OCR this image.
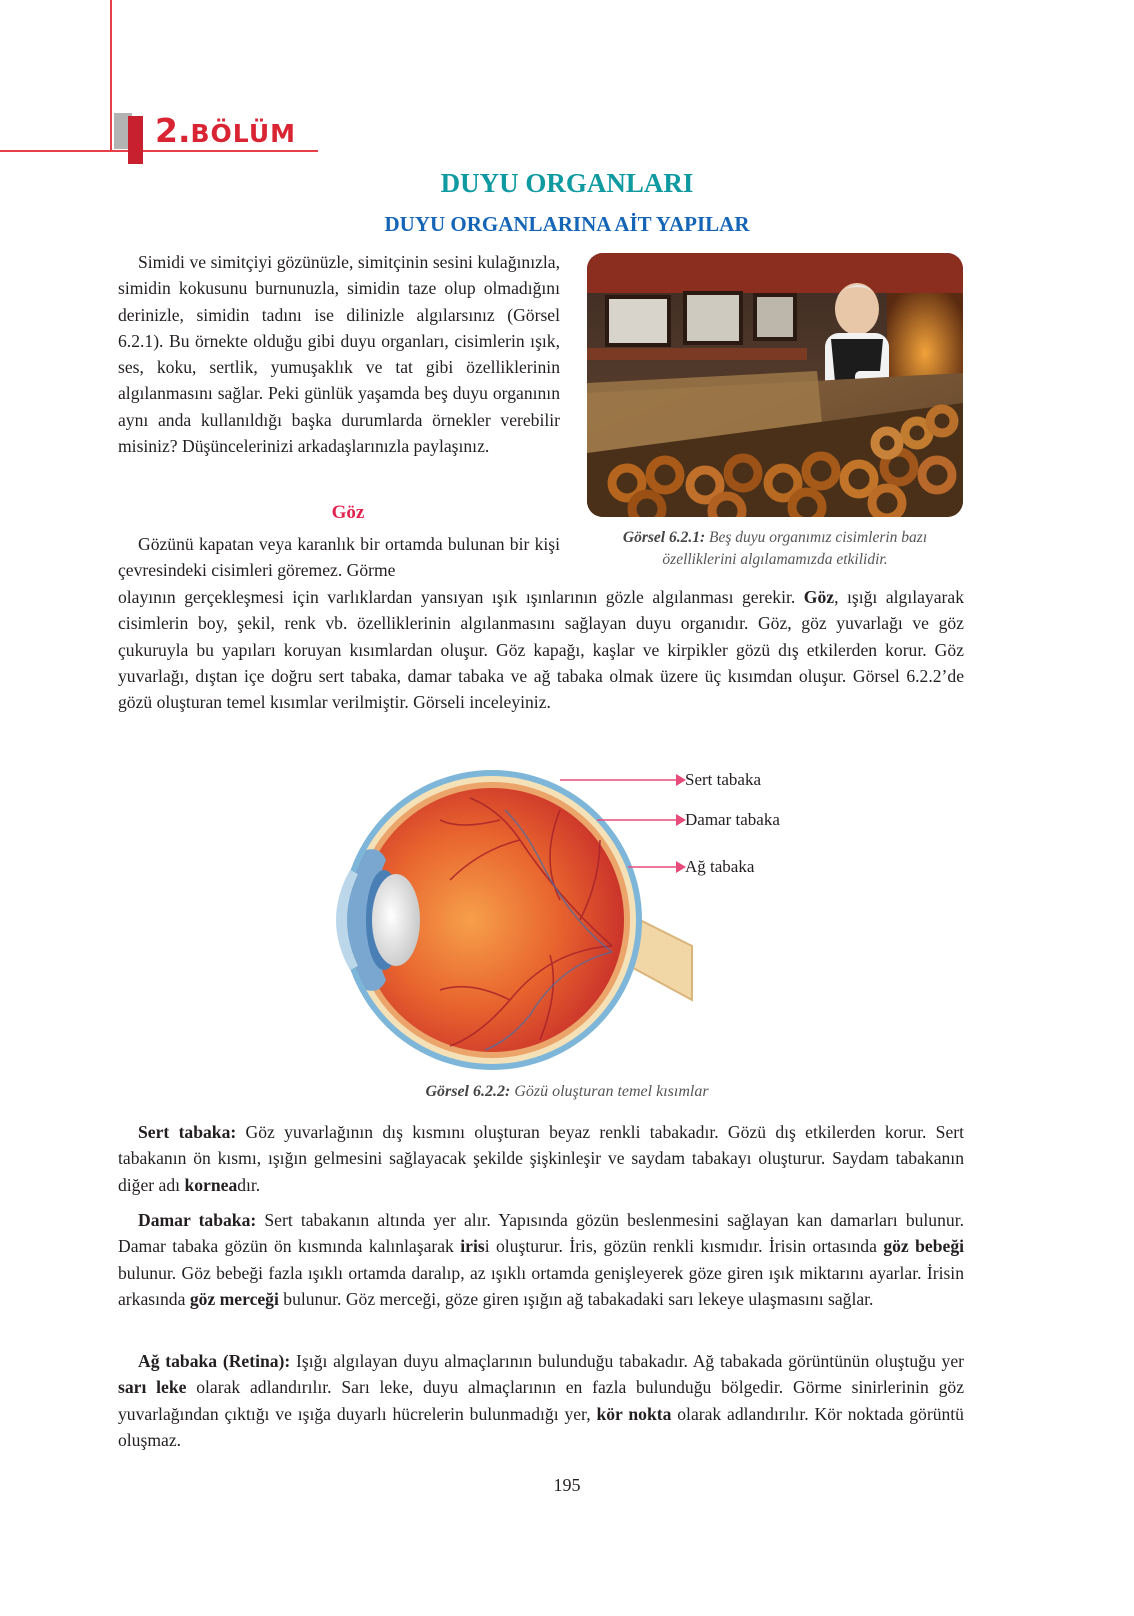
2.BÖLÜM
DUYU ORGANLARI
DUYU ORGANLARINA AİT YAPILAR

Simidi ve simitçiyi gözünüzle, simitçinin sesini kulağınızla, simidin kokusunu burnunuzla, simidin taze olup olmadığını derinizle, simidin tadını ise dilinizle algılarsınız (Görsel 6.2.1). Bu örnekte olduğu gibi duyu organları, cisimlerin ışık, ses, koku, sertlik, yumuşaklık ve tat gibi özelliklerinin algılanmasını sağlar. Peki günlük yaşamda beş duyu organının aynı anda kullanıldığı başka durumlarda örnekler verebilir misiniz? Düşüncelerinizi arkadaşlarınızla paylaşınız.

Göz

Gözünü kapatan veya karanlık bir ortamda bulunan bir kişi çevresindeki cisimleri göremez. Görme

olayının gerçekleşmesi için varlıklardan yansıyan ışık ışınlarının gözle algılanması gerekir. Göz, ışığı algılayarak cisimlerin boy, şekil, renk vb. özelliklerinin algılanmasını sağlayan duyu organıdır. Göz, göz yuvarlağı ve göz çukuruyla bu yapıları koruyan kısımlardan oluşur. Göz kapağı, kaşlar ve kirpikler gözü dış etkilerden korur. Göz yuvarlağı, dıştan içe doğru sert tabaka, damar tabaka ve ağ tabaka olmak üzere üç kısımdan oluşur. Görsel 6.2.2’de gözü oluşturan temel kısımlar verilmiştir. Görseli inceleyiniz.

Görsel 6.2.1: Beş duyu organımız cisimlerin bazı özelliklerini algılamamızda etkilidir.
Sert tabaka
Damar tabaka
Ağ tabaka
Görsel 6.2.2: Gözü oluşturan temel kısımlar

Sert tabaka: Göz yuvarlağının dış kısmını oluşturan beyaz renkli tabakadır. Gözü dış etkilerden korur. Sert tabakanın ön kısmı, ışığın gelmesini sağlayacak şekilde şişkinleşir ve saydam tabakayı oluşturur. Saydam tabakanın diğer adı korneadır.

Damar tabaka: Sert tabakanın altında yer alır. Yapısında gözün beslenmesini sağlayan kan damarları bulunur. Damar tabaka gözün ön kısmında kalınlaşarak irisi oluşturur. İris, gözün renkli kısmıdır. İrisin ortasında göz bebeği bulunur. Göz bebeği fazla ışıklı ortamda daralıp, az ışıklı ortamda genişleyerek göze giren ışık miktarını ayarlar. İrisin arkasında göz merceği bulunur. Göz merceği, göze giren ışığın ağ tabakadaki sarı lekeye ulaşmasını sağlar.

Ağ tabaka (Retina): Işığı algılayan duyu almaçlarının bulunduğu tabakadır. Ağ tabakada görüntünün oluştuğu yer sarı leke olarak adlandırılır. Sarı leke, duyu almaçlarının en fazla bulunduğu bölgedir. Görme sinirlerinin göz yuvarlağından çıktığı ve ışığa duyarlı hücrelerin bulunmadığı yer, kör nokta olarak adlandırılır. Kör noktada görüntü oluşmaz.

195
